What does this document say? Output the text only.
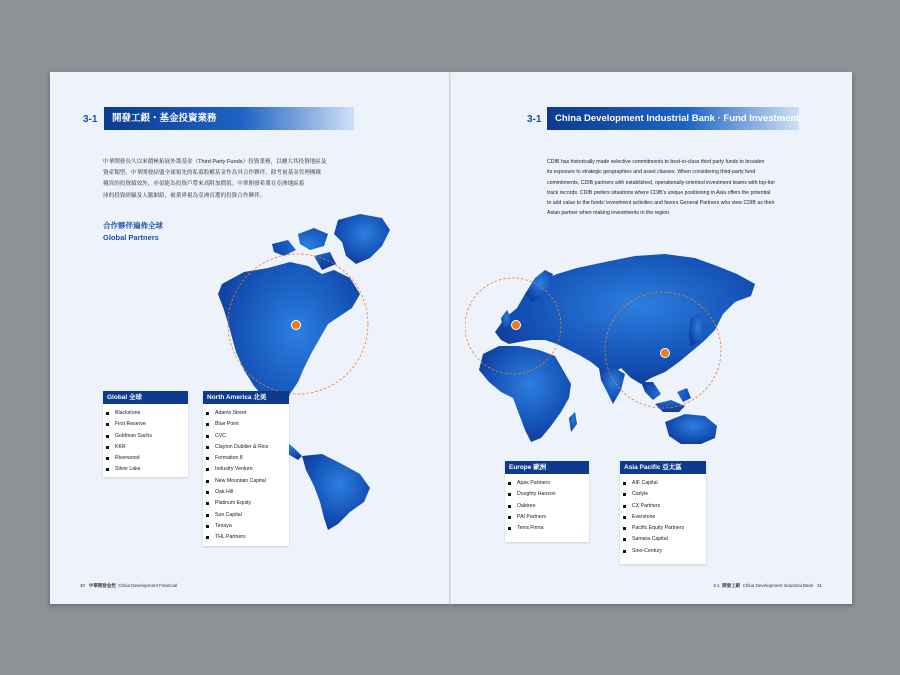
3-1	開發工銀・基金投資業務
中華開發長久以來積極拓展外籌基金（Third Party Funds）投資業務，以擴大其投資地區及
資產類型。中華開發結盟全球領先的私募股權基金作為其合作夥伴，除考量基金管理團隊
優異的投資績效外，亦須能為投資戶帶來高附加價值。中華開發希冀在亞洲地區蓄
沛的投資經驗及人脈網絡，被業界視為亞洲首選的投資合作夥伴。
合作夥伴遍佈全球
Global Partners
Global 全球
Blackstone
First Reserve
Goldman Sachs
KKR
Riverwood
Silver Lake
North America 北美
Adams Street
Blue Point
CVC
Clayton Dubilier & Rice
Formation 8
Industry Venture
New Mountain Capital
Oak Hill
Platinum Equity
Sun Capital
Tenaya
THL Partners
30 中華開發金控 China Development Financial
3-1	China Development Industrial Bank · Fund Investment
CDIB has historically made selective commitments to best-in-class third party funds to broaden
its exposure to strategic geographies and asset classes. When considering third-party fund
commitments, CDIB partners with established, operationally-oriented investment teams with top-tier
track records. CDIB prefers situations where CDIB's unique positioning in Asia offers the potential
to add value to the funds' investment activities and favors General Partners who view CDIB as their
Asian partner when making investments in the region.
Europe 歐洲
Apax Partners
Doughty Hanson
Oaktree
PAI Partners
Terra Firma
Asia Pacific 亞太區
AIF Capital
Carlyle
CX Partners
Everstone
Pacific Equity Partners
Samara Capital
Sino-Century
3-1 開發工銀 China Development Industrial Bank 31
